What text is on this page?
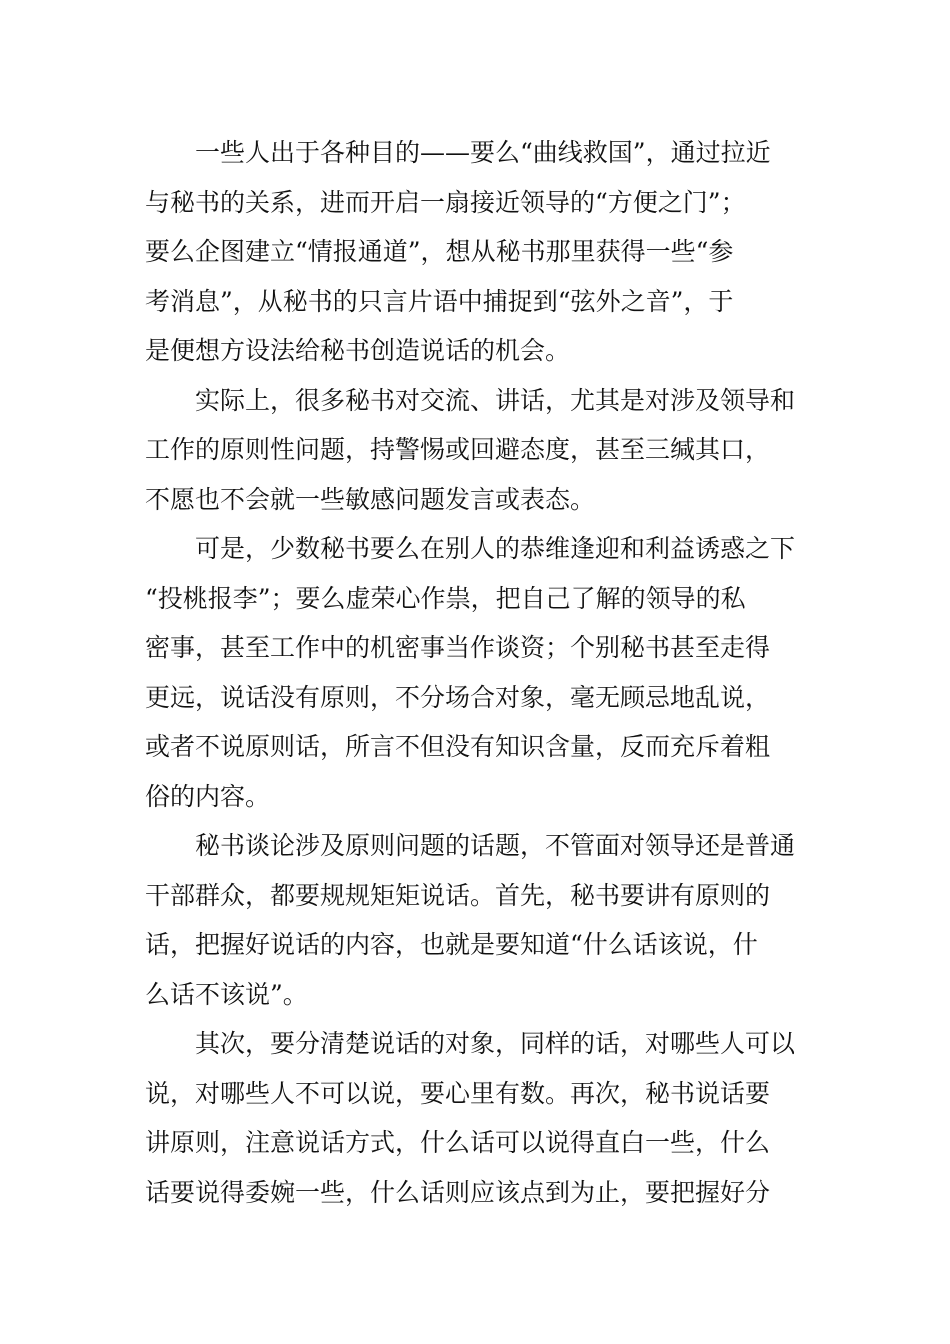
一些人出于各种目的——要么“曲线救国”，通过拉近
与秘书的关系，进而开启一扇接近领导的“方便之门”；
要么企图建立“情报通道”，想从秘书那里获得一些“参
考消息”，从秘书的只言片语中捕捉到“弦外之音”，于
是便想方设法给秘书创造说话的机会。

实际上，很多秘书对交流、讲话，尤其是对涉及领导和
工作的原则性问题，持警惕或回避态度，甚至三缄其口，
不愿也不会就一些敏感问题发言或表态。

可是，少数秘书要么在别人的恭维逢迎和利益诱惑之下
“投桃报李”；要么虚荣心作祟，把自己了解的领导的私
密事，甚至工作中的机密事当作谈资；个别秘书甚至走得
更远，说话没有原则，不分场合对象，毫无顾忌地乱说，
或者不说原则话，所言不但没有知识含量，反而充斥着粗
俗的内容。

秘书谈论涉及原则问题的话题，不管面对领导还是普通
干部群众，都要规规矩矩说话。首先，秘书要讲有原则的
话，把握好说话的内容，也就是要知道“什么话该说，什
么话不该说”。

其次，要分清楚说话的对象，同样的话，对哪些人可以
说，对哪些人不可以说，要心里有数。再次，秘书说话要
讲原则，注意说话方式，什么话可以说得直白一些，什么
话要说得委婉一些，什么话则应该点到为止，要把握好分
